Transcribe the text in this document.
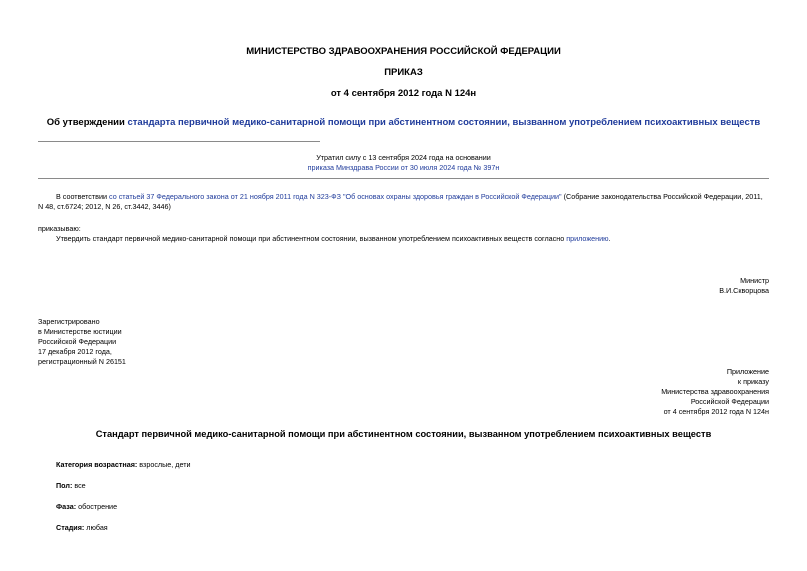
МИНИСТЕРСТВО ЗДРАВООХРАНЕНИЯ РОССИЙСКОЙ ФЕДЕРАЦИИ
ПРИКАЗ
от 4 сентября 2012 года N 124н
Об утверждении стандарта первичной медико-санитарной помощи при абстинентном состоянии, вызванном употреблением психоактивных веществ
Утратил силу с 13 сентября 2024 года на основании
приказа Минздрава России от 30 июля 2024 года № 397н
В соответствии со статьей 37 Федерального закона от 21 ноября 2011 года N 323-ФЗ "Об основах охраны здоровья граждан в Российской Федерации" (Собрание законодательства Российской Федерации, 2011,
N 48, ст.6724; 2012, N 26, ст.3442, 3446)
приказываю:
Утвердить стандарт первичной медико-санитарной помощи при абстинентном состоянии, вызванном употреблением психоактивных веществ согласно приложению.
Министр
В.И.Скворцова
Зарегистрировано
в Министерстве юстиции
Российской Федерации
17 декабря 2012 года,
регистрационный N 26151
Приложение
к приказу
Министерства здравоохранения
Российской Федерации
от 4 сентября 2012 года N 124н
Стандарт первичной медико-санитарной помощи при абстинентном состоянии, вызванном употреблением психоактивных веществ
Категория возрастная: взрослые, дети
Пол: все
Фаза: обострение
Стадия: любая
